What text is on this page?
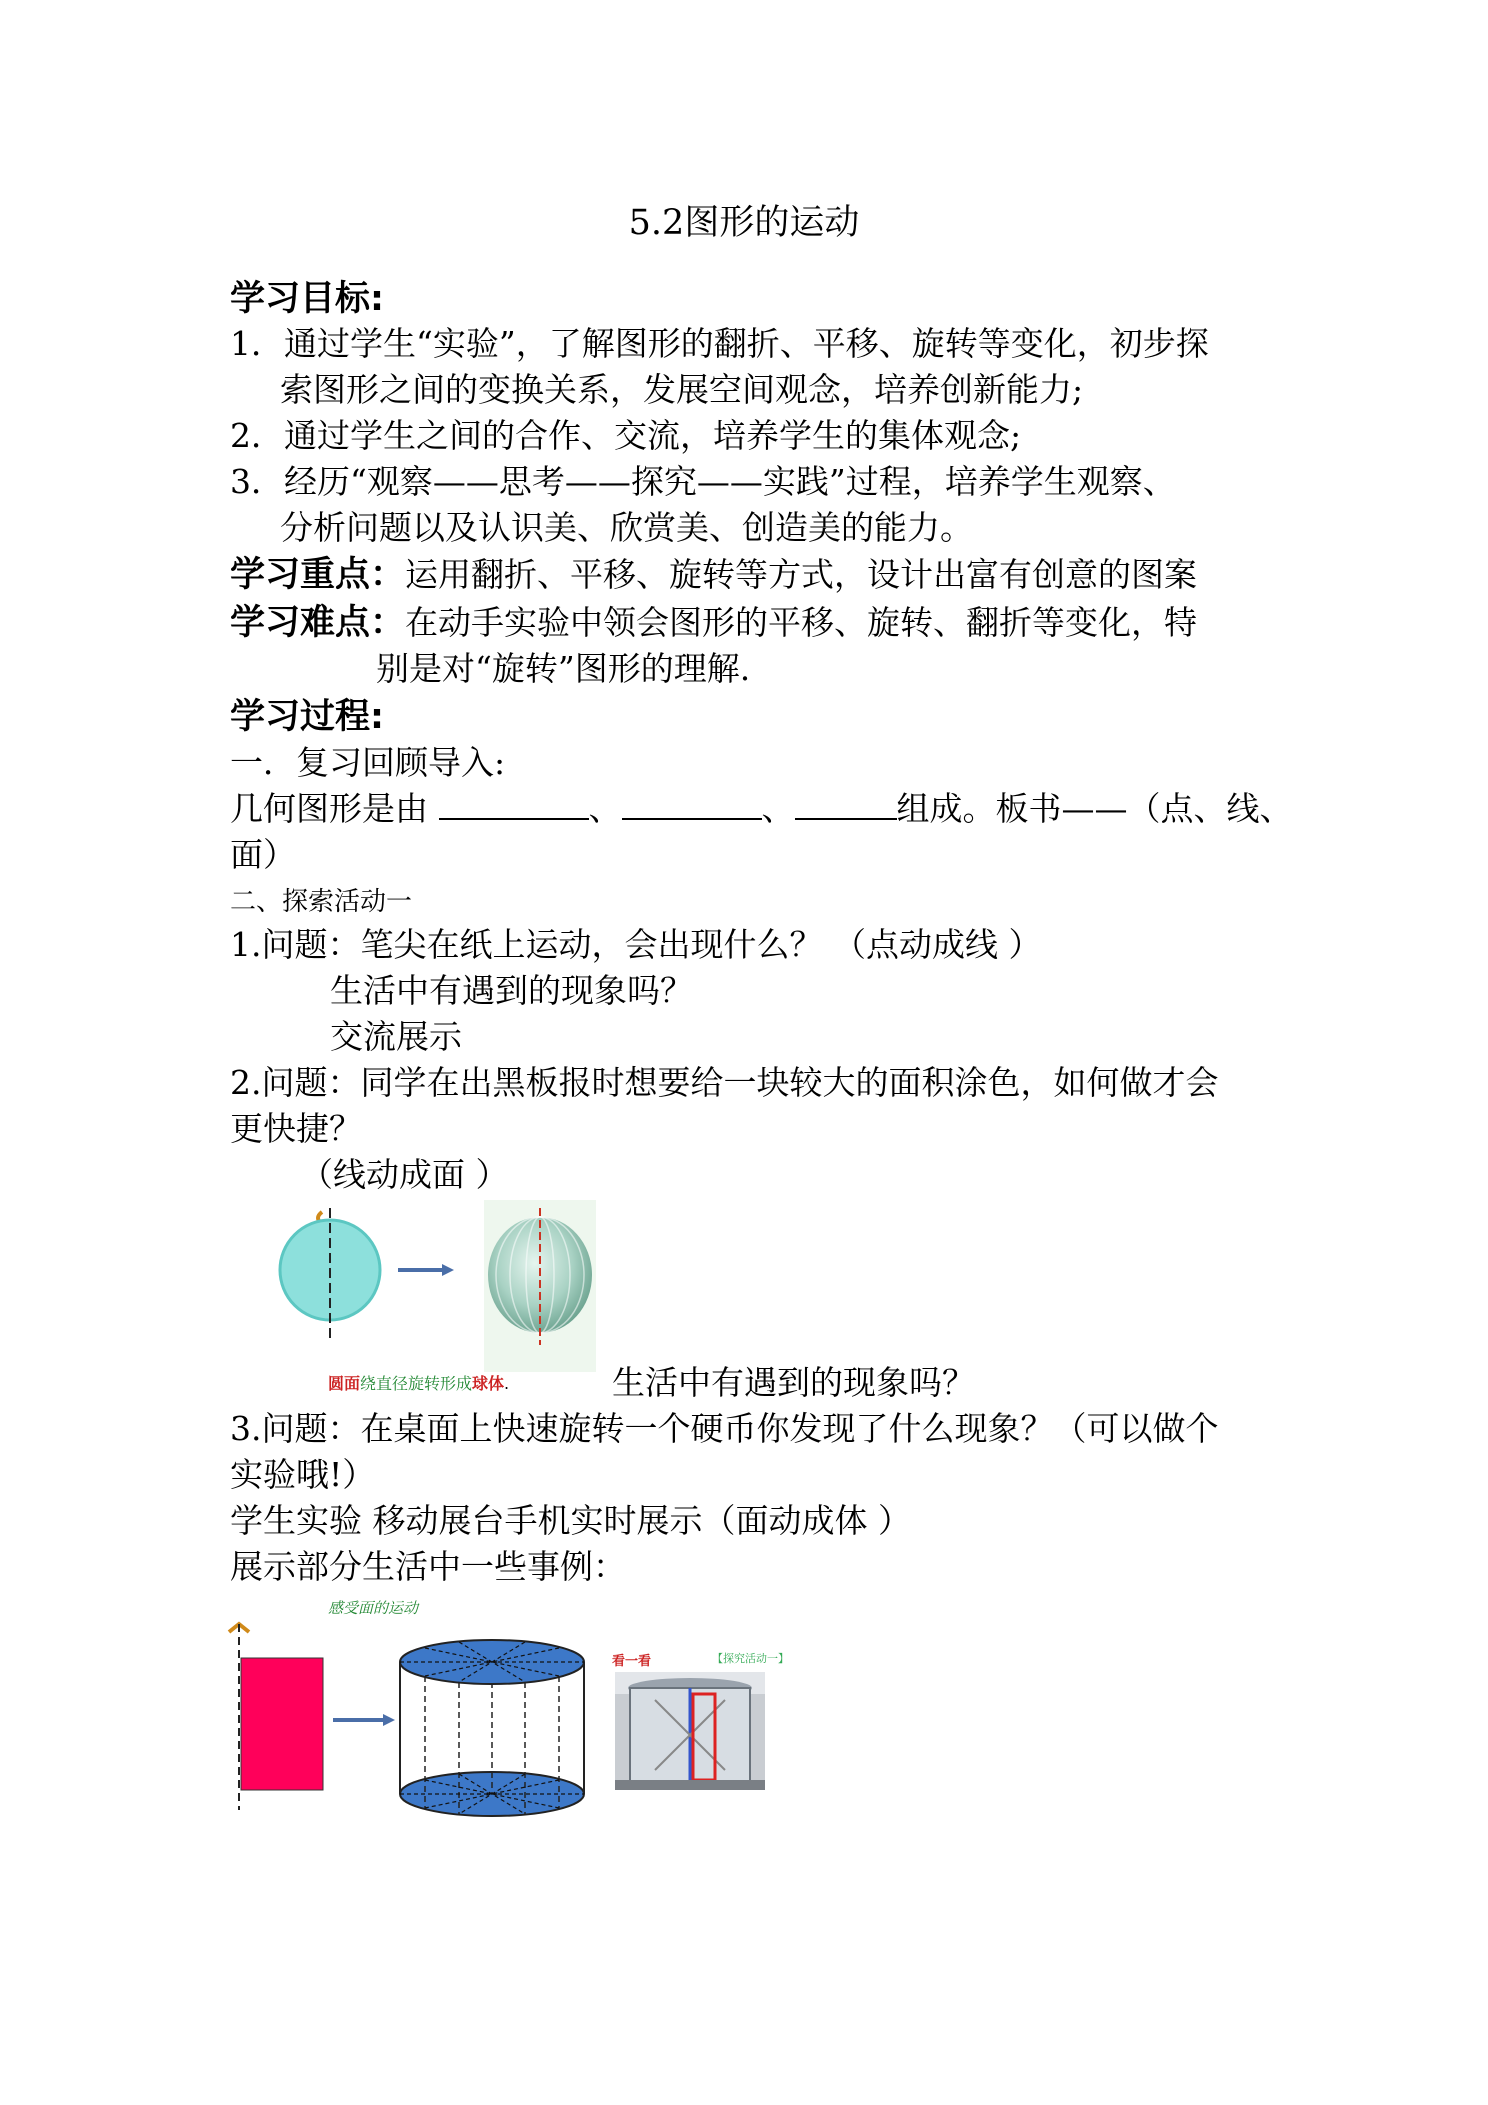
5.2图形的运动
学习目标:
1．通过学生“实验”，了解图形的翻折、平移、旋转等变化，初步探
索图形之间的变换关系，发展空间观念，培养创新能力;
2．通过学生之间的合作、交流，培养学生的集体观念;
3．经历“观察——思考——探究——实践”过程，培养学生观察、
分析问题以及认识美、欣赏美、创造美的能力。
学习重点：运用翻折、平移、旋转等方式，设计出富有创意的图案
学习难点：在动手实验中领会图形的平移、旋转、翻折等变化，特
别是对“旋转”图形的理解.
学习过程:
一．复习回顾导入:
几何图形是由	、	、	组成。板书——（点、线、
面）
二、探索活动一
1.问题：笔尖在纸上运动，会出现什么？ （点动成线 ）
生活中有遇到的现象吗？
交流展示
2.问题：同学在出黑板报时想要给一块较大的面积涂色，如何做才会
更快捷？
（线动成面 ）
圆面绕直径旋转形成球体.	生活中有遇到的现象吗？
3.问题：在桌面上快速旋转一个硬币你发现了什么现象？（可以做个
实验哦!）
学生实验 移动展台手机实时展示（面动成体 ）
展示部分生活中一些事例：
感受面的运动
看一看	【探究活动一】
